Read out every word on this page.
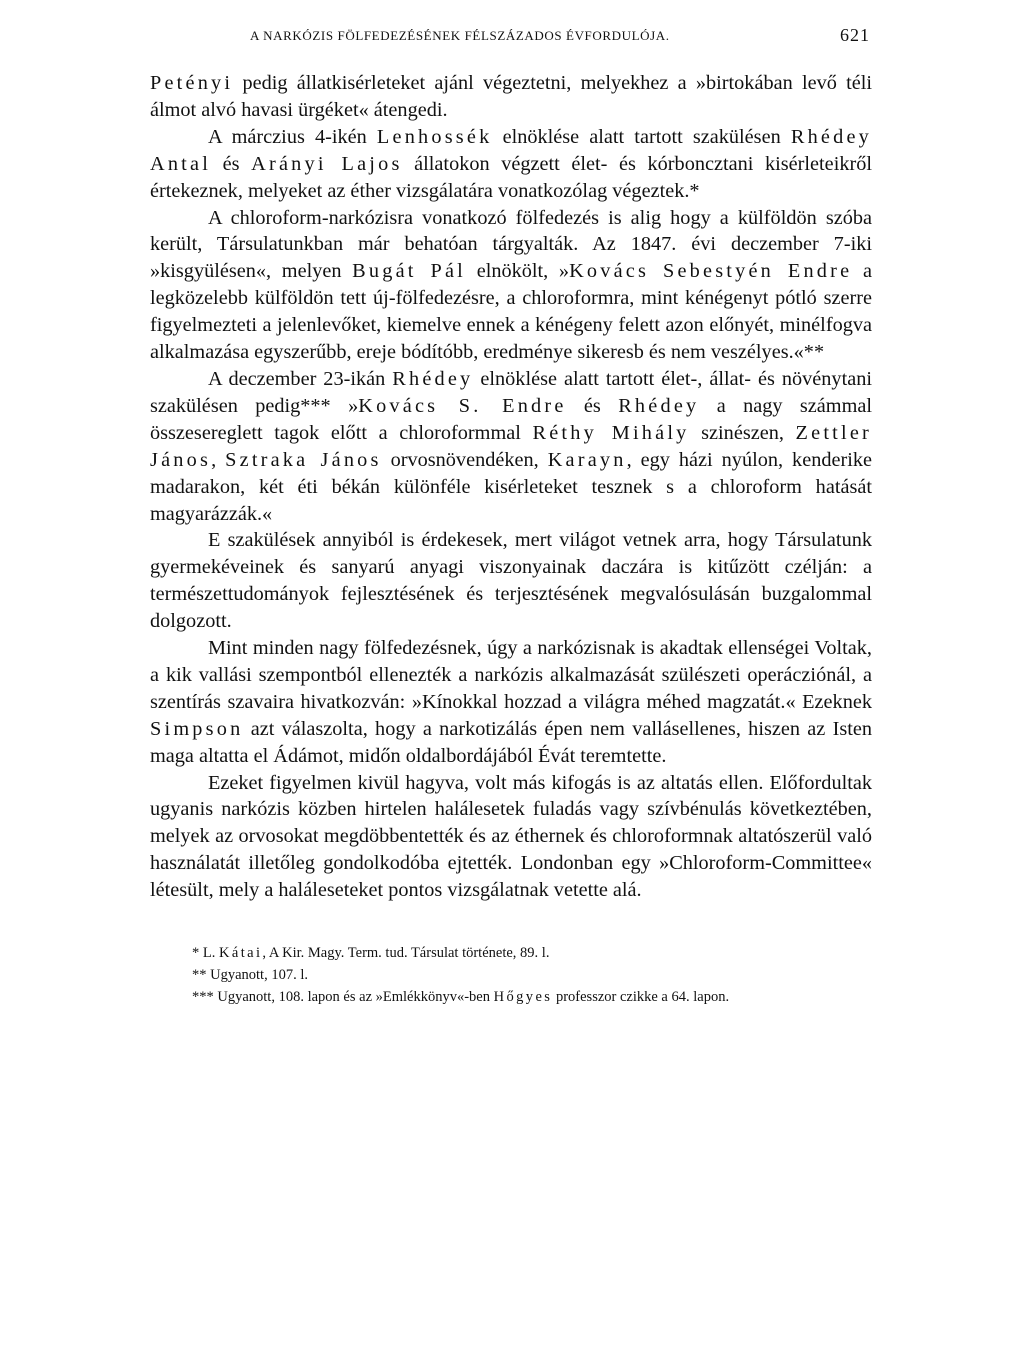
A NARKÓZIS FÖLFEDEZÉSÉNEK FÉLSZÁZADOS ÉVFORDULÓJA.	621

Petényi pedig állatkisérleteket ajánl végeztetni, melyekhez a »birtokában levő téli álmot alvó havasi ürgéket« átengedi.

A márczius 4-ikén Lenhossék elnöklése alatt tartott szakülésen Rhédey Antal és Arányi Lajos állatokon végzett élet- és kórboncztani kisérleteikről értekeznek, melyeket az éther vizsgálatára vonatkozólag végeztek.*

A chloroform-narkózisra vonatkozó fölfedezés is alig hogy a külföldön szóba került, Társulatunkban már behatóan tárgyalták. Az 1847. évi deczember 7-iki »kisgyülésen«, melyen Bugát Pál elnökölt, »Kovács Sebestyén Endre a legközelebb külföldön tett új-fölfedezésre, a chloroformra, mint kénégenyt pótló szerre figyelmezteti a jelenlevőket, kiemelve ennek a kénégeny felett azon előnyét, minélfogva alkalmazása egyszerűbb, ereje bódítóbb, eredménye sikeresb és nem veszélyes.«**

A deczember 23-ikán Rhédey elnöklése alatt tartott élet-, állat- és növénytani szakülésen pedig*** »Kovács S. Endre és Rhédey a nagy számmal összesereglett tagok előtt a chloroformmal Réthy Mihály szinészen, Zettler János, Sztraka János orvosnövendéken, Karayn, egy házi nyúlon, kenderike madarakon, két éti békán különféle kisérleteket tesznek s a chloroform hatását magyarázzák.«

E szakülések annyiból is érdekesek, mert világot vetnek arra, hogy Társulatunk gyermekéveinek és sanyarú anyagi viszonyainak daczára is kitűzött czélján: a természettudományok fejlesztésének és terjesztésének megvalósulásán buzgalommal dolgozott.

Mint minden nagy fölfedezésnek, úgy a narkózisnak is akadtak ellenségei Voltak, a kik vallási szempontból ellenezték a narkózis alkalmazását szülészeti operácziónál, a szentírás szavaira hivatkozván: »Kínokkal hozzad a világra méhed magzatát.« Ezeknek Simpson azt válaszolta, hogy a narkotizálás épen nem vallásellenes, hiszen az Isten maga altatta el Ádámot, midőn oldalbordájából Évát teremtette.

Ezeket figyelmen kivül hagyva, volt más kifogás is az altatás ellen. Előfordultak ugyanis narkózis közben hirtelen halálesetek fuladás vagy szívbénulás következtében, melyek az orvosokat megdöbbentették és az éthernek és chloroformnak altatószerül való használatát illetőleg gondolkodóba ejtették. Londonban egy »Chloroform-Committee« létesült, mely a haláleseteket pontos vizsgálatnak vetette alá.

* L. Kátai, A Kir. Magy. Term. tud. Társulat története, 89. l.

** Ugyanott, 107. l.

*** Ugyanott, 108. lapon és az »Emlékkönyv«-ben Hőgyes professzor czikke a 64. lapon.
